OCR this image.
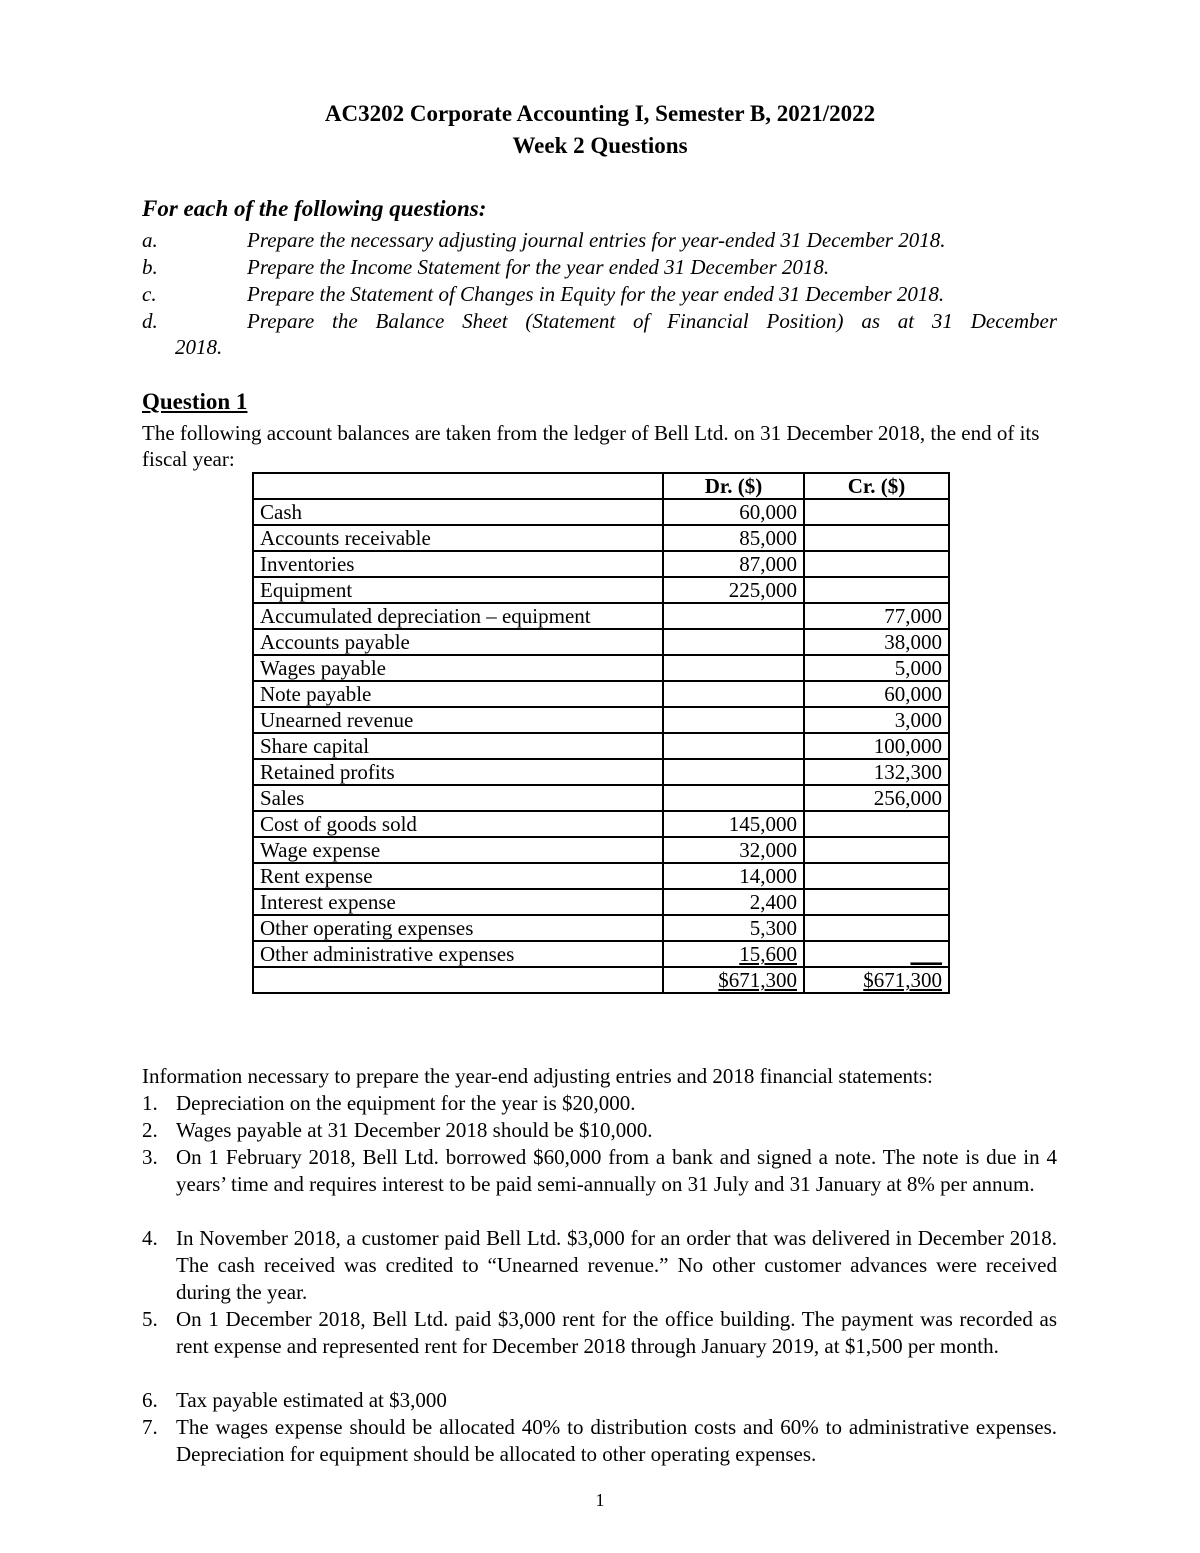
AC3202 Corporate Accounting I, Semester B, 2021/2022
Week 2 Questions
For each of the following questions:
a.	Prepare the necessary adjusting journal entries for year-ended 31 December 2018.
b.	Prepare the Income Statement for the year ended 31 December 2018.
c.	Prepare the Statement of Changes in Equity for the year ended 31 December 2018.
d.	Prepare the Balance Sheet (Statement of Financial Position) as at 31 December
2018.
Question 1
The following account balances are taken from the ledger of Bell Ltd. on 31 December 2018, the end of its fiscal year:
	Dr. ($)	Cr. ($)
Cash	60,000	
Accounts receivable	85,000	
Inventories	87,000	
Equipment	225,000	
Accumulated depreciation – equipment		77,000
Accounts payable		38,000
Wages payable		5,000
Note payable		60,000
Unearned revenue		3,000
Share capital		100,000
Retained profits		132,300
Sales		256,000
Cost of goods sold	145,000	
Wage expense	32,000	
Rent expense	14,000	
Interest expense	2,400	
Other operating expenses	5,300	
Other administrative expenses	15,600	___
	$671,300	$671,300
Information necessary to prepare the year-end adjusting entries and 2018 financial statements:
1. Depreciation on the equipment for the year is $20,000.
2. Wages payable at 31 December 2018 should be $10,000.
3. On 1 February 2018, Bell Ltd. borrowed $60,000 from a bank and signed a note. The note is due in 4 years’ time and requires interest to be paid semi-annually on 31 July and 31 January at 8% per annum.
4. In November 2018, a customer paid Bell Ltd. $3,000 for an order that was delivered in December 2018. The cash received was credited to “Unearned revenue.” No other customer advances were received during the year.
5. On 1 December 2018, Bell Ltd. paid $3,000 rent for the office building. The payment was recorded as rent expense and represented rent for December 2018 through January 2019, at $1,500 per month.
6. Tax payable estimated at $3,000
7. The wages expense should be allocated 40% to distribution costs and 60% to administrative expenses. Depreciation for equipment should be allocated to other operating expenses.
1
